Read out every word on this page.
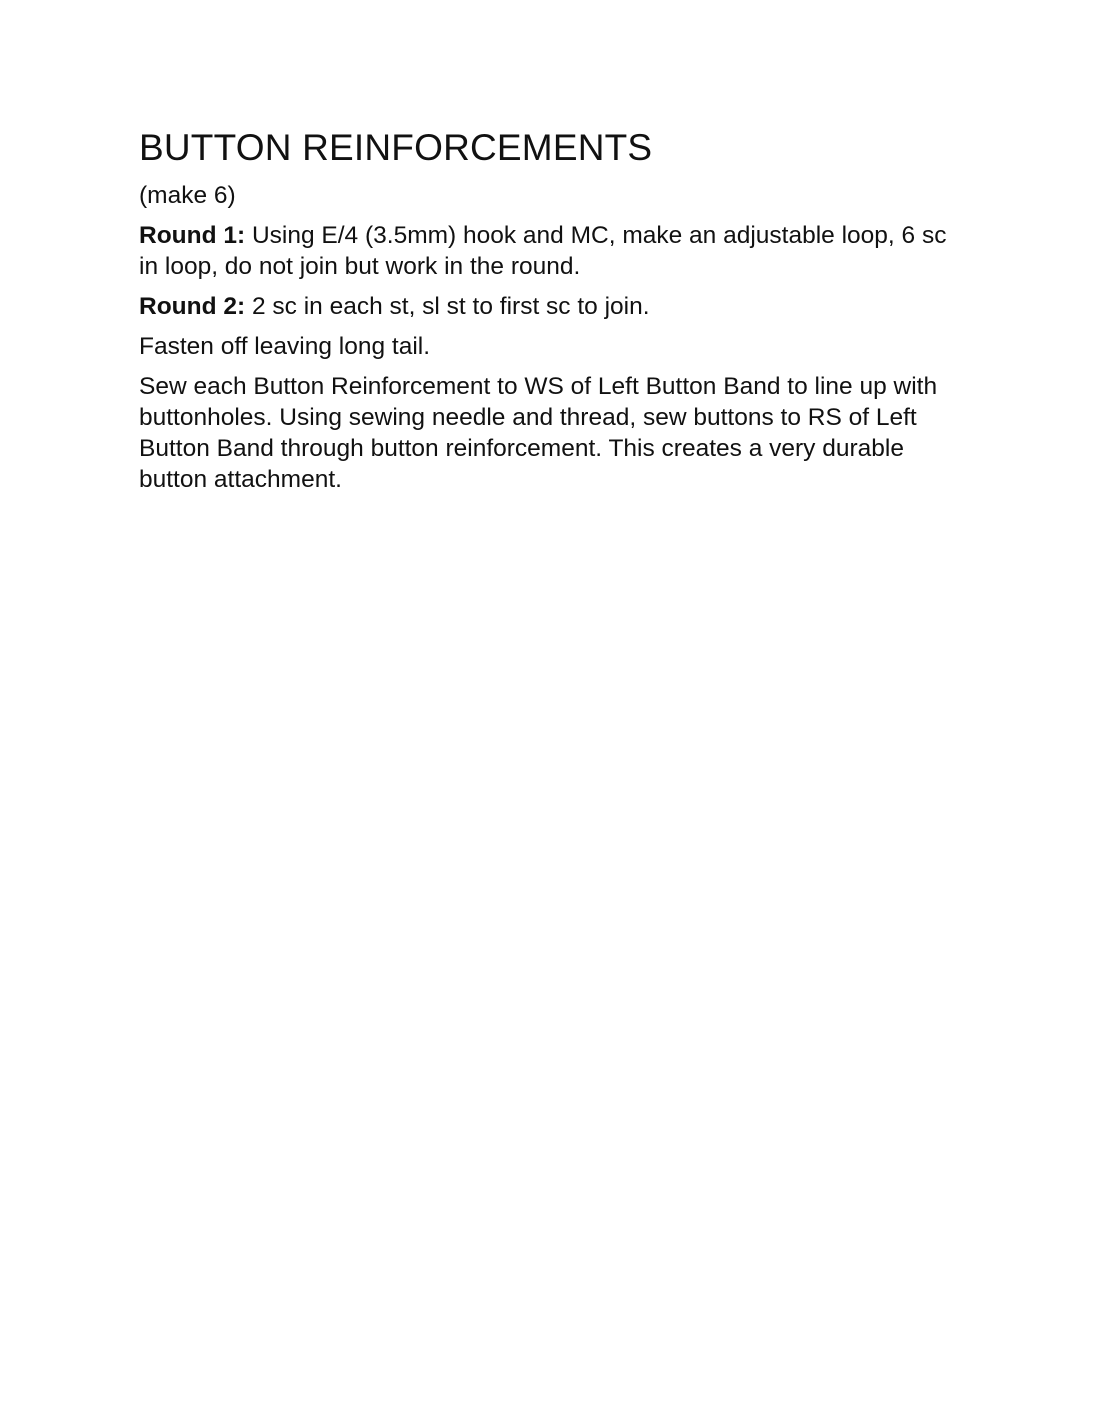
BUTTON REINFORCEMENTS

(make 6)

Round 1: Using E/4 (3.5mm) hook and MC, make an adjustable loop, 6 sc in loop, do not join but work in the round.

Round 2: 2 sc in each st, sl st to first sc to join.

Fasten off leaving long tail.

Sew each Button Reinforcement to WS of Left Button Band to line up with buttonholes. Using sewing needle and thread, sew buttons to RS of Left Button Band through button reinforcement. This creates a very durable button attachment.
